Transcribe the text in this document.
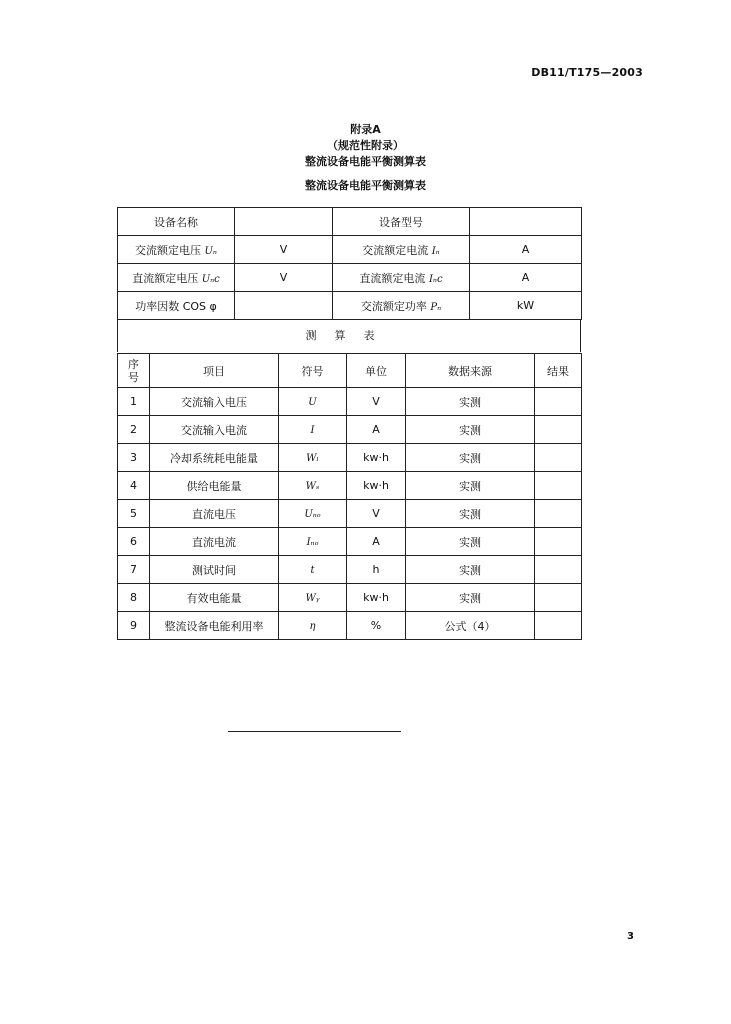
DB11/T175—2003
附录A
（规范性附录）
整流设备电能平衡测算表
整流设备电能平衡测算表
设备名称		设备型号	
交流额定电压 Uₙ	V	交流额定电流 Iₙ	A
直流额定电压 Uₙc	V	直流额定电流 Iₙc	A
功率因数 COS φ		交流额定功率 Pₙ	kW
测算表
序号	项目	符号	单位	数据来源	结果
1	交流输入电压	U	V	实测	
2	交流输入电流	I	A	实测	
3	冷却系统耗电能量	Wₗ	kw·h	实测	
4	供给电能量	Wₛ	kw·h	实测	
5	直流电压	Uₙₒ	V	实测	
6	直流电流	Iₙₒ	A	实测	
7	测试时间	t	h	实测	
8	有效电能量	Wᵧ	kw·h	实测	
9	整流设备电能利用率	η	%	公式（4）	
3
